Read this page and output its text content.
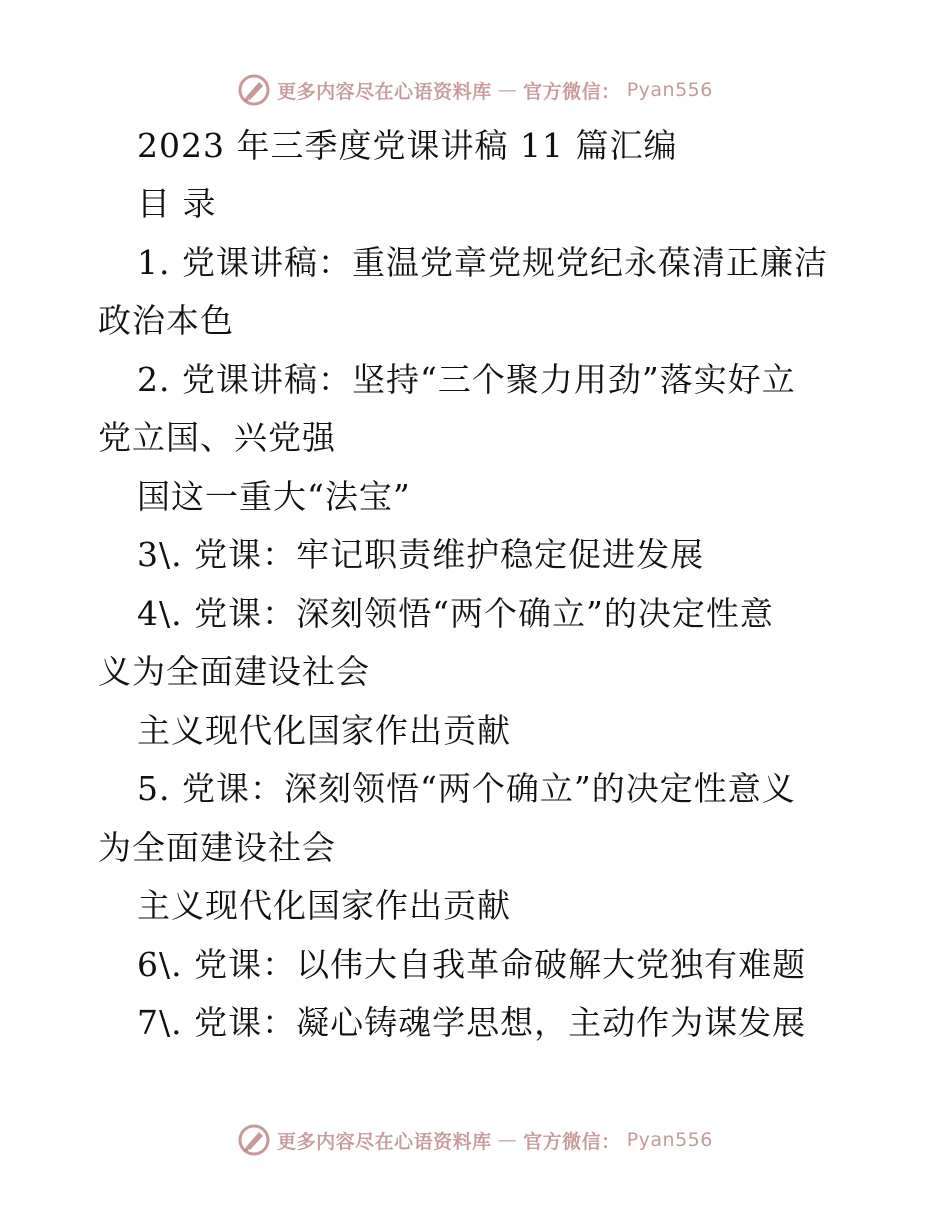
更多内容尽在心语资料库 — 官方微信： Pyan556
2023 年三季度党课讲稿 11 篇汇编
目 录
1. 党课讲稿：重温党章党规党纪永葆清正廉洁
政治本色
2. 党课讲稿：坚持“三个聚力用劲”落实好立
党立国、兴党强
国这一重大“法宝”
3\. 党课：牢记职责维护稳定促进发展
4\. 党课：深刻领悟“两个确立”的决定性意
义为全面建设社会
主义现代化国家作出贡献
5. 党课：深刻领悟“两个确立”的决定性意义
为全面建设社会
主义现代化国家作出贡献
6\. 党课：以伟大自我革命破解大党独有难题
7\. 党课：凝心铸魂学思想，主动作为谋发展
更多内容尽在心语资料库 — 官方微信： Pyan556
